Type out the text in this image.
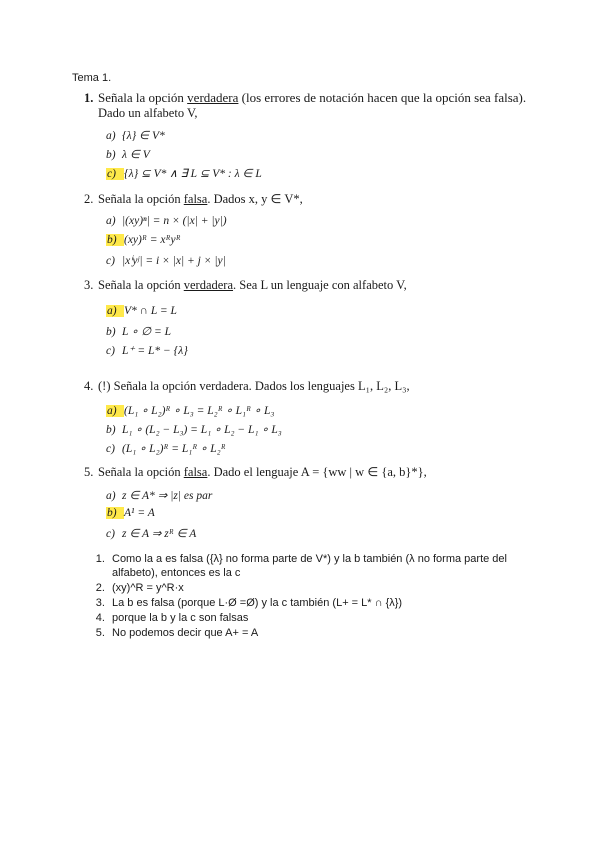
Tema 1.
1. Señala la opción verdadera (los errores de notación hacen que la opción sea falsa).
Dado un alfabeto V,
a) {λ} ∈ V*
b) λ ∈ V
c) {λ} ⊆ V* ∧ ∃ L ⊆ V* : λ ∈ L
2. Señala la opción falsa. Dados x, y ∈ V*,
a) |(xy)ⁿ| = n × (|x| + |y|)
b) (xy)ᴿ = xᴿyᴿ
c) |xⁱyʲ| = i × |x| + j × |y|
3. Señala la opción verdadera. Sea L un lenguaje con alfabeto V,
a) V* ∩ L = L
b) L ∘ ∅ = L
c) L⁺ = L* − {λ}
4. (!) Señala la opción verdadera. Dados los lenguajes L₁, L₂, L₃,
a) (L₁ ∘ L₂)ᴿ ∘ L₃ = L₂ᴿ ∘ L₁ᴿ ∘ L₃
b) L₁ ∘ (L₂ − L₃) = L₁ ∘ L₂ − L₁ ∘ L₃
c) (L₁ ∘ L₂)ᴿ = L₁ᴿ ∘ L₂ᴿ
5. Señala la opción falsa. Dado el lenguaje A = {ww | w ∈ {a, b}*},
a) z ∈ A* ⇒ |z| es par
b) A¹ = A
c) z ∈ A ⇒ zᴿ ∈ A
1. Como la a es falsa ({λ} no forma parte de V*) y la b también (λ no forma parte del alfabeto), entonces es la c
2. (xy)^R = y^R·x
3. La b es falsa (porque L·Ø =Ø) y la c también (L+ = L* ∩ {λ})
4. porque la b y la c son falsas
5. No podemos decir que A+ = A
